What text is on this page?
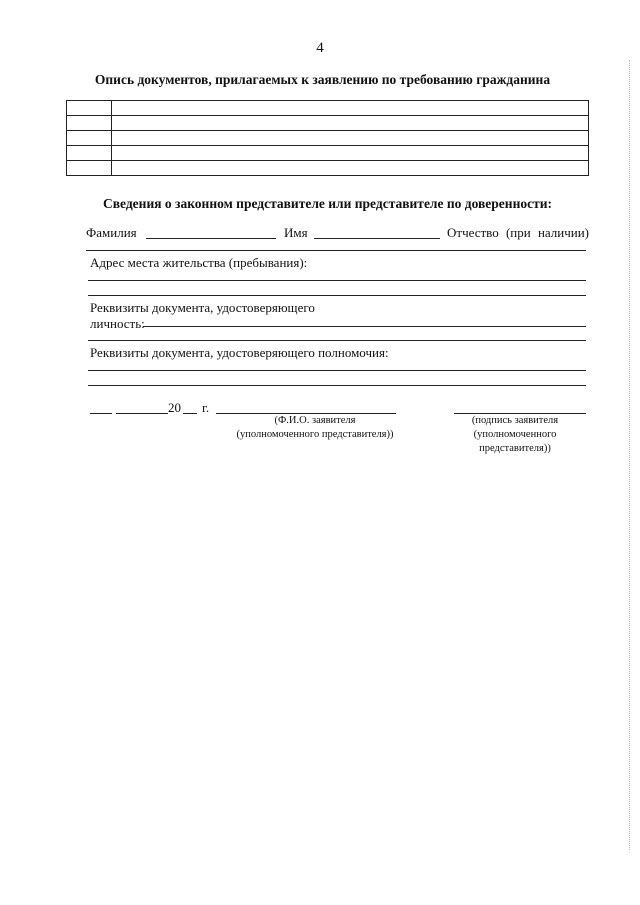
4
Опись документов, прилагаемых к заявлению по требованию гражданина

Сведения о законном представителе или представителе по доверенности:
Фамилия	Имя	Отчество (при наличии)
Адрес места жительства (пребывания):
Реквизиты документа, удостоверяющего
личность:
Реквизиты документа, удостоверяющего полномочия:
20 г.
(Ф.И.О. заявителя
(уполномоченного представителя))
(подпись заявителя
(уполномоченного
представителя))
